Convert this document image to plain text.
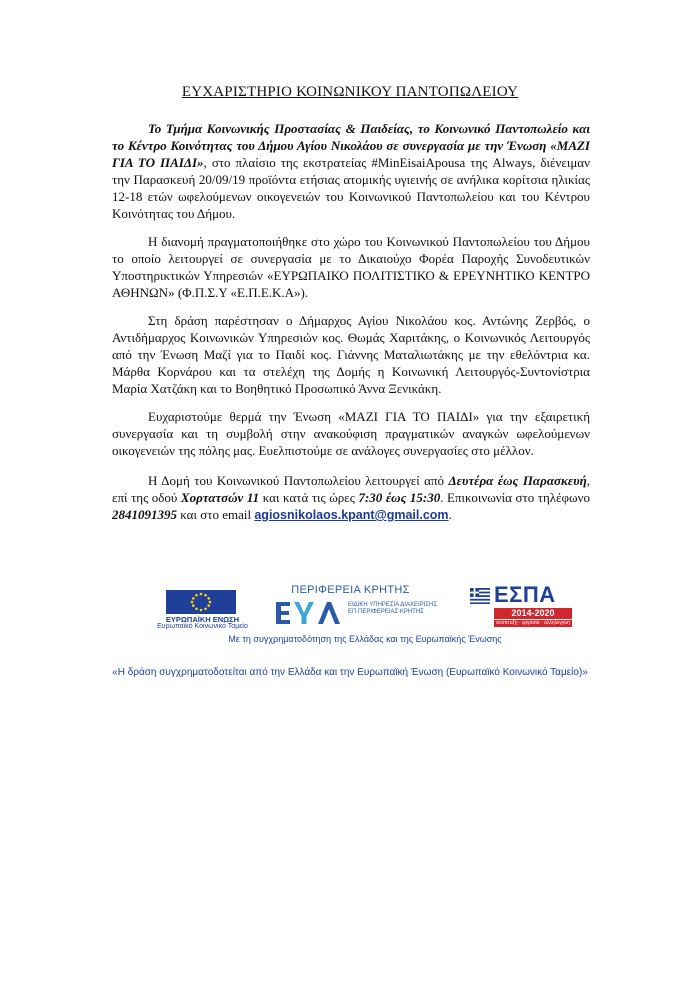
ΕΥΧΑΡΙΣΤΗΡΙΟ ΚΟΙΝΩΝΙΚΟΥ ΠΑΝΤΟΠΩΛΕΙΟΥ

Το Τμήμα Κοινωνικής Προστασίας & Παιδείας, το Κοινωνικό Παντοπωλείο και το Κέντρο Κοινότητας του Δήμου Αγίου Νικολάου σε συνεργασία με την Ένωση «ΜΑΖΙ ΓΙΑ ΤΟ ΠΑΙΔΙ», στο πλαίσιο της εκστρατείας #MinEisaiApousa της Always, διένειμαν την Παρασκευή 20/09/19 προϊόντα ετήσιας ατομικής υγιεινής σε ανήλικα κορίτσια ηλικίας 12-18 ετών ωφελούμενων οικογενειών του Κοινωνικού Παντοπωλείου και του Κέντρου Κοινότητας του Δήμου.

Η διανομή πραγματοποιήθηκε στο χώρο του Κοινωνικού Παντοπωλείου του Δήμου το οποίο λειτουργεί σε συνεργασία με το Δικαιούχο Φορέα Παροχής Συνοδευτικών Υποστηρικτικών Υπηρεσιών «ΕΥΡΩΠΑΙΚΟ ΠΟΛΙΤΙΣΤΙΚΟ & ΕΡΕΥΝΗΤΙΚΟ ΚΕΝΤΡΟ ΑΘΗΝΩΝ» (Φ.Π.Σ.Υ «Ε.Π.Ε.Κ.Α»).

Στη δράση παρέστησαν ο Δήμαρχος Αγίου Νικολάου κος. Αντώνης Ζερβός, ο Αντιδήμαρχος Κοινωνικών Υπηρεσιών κος. Θωμάς Χαριτάκης, ο Κοινωνικός Λειτουργός από την Ένωση Μαζί για το Παιδί κος. Γιάννης Ματαλιωτάκης με την εθελόντρια κα. Μάρθα Κορνάρου και τα στελέχη της Δομής η Κοινωνική Λειτουργός-Συντονίστρια Μαρία Χατζάκη και το Βοηθητικό Προσωπικό Άννα Ξενικάκη.

Ευχαριστούμε θερμά την Ένωση «ΜΑΖΙ ΓΙΑ ΤΟ ΠΑΙΔΙ» για την εξαιρετική συνεργασία και τη συμβολή στην ανακούφιση πραγματικών αναγκών ωφελούμενων οικογενειών της πόλης μας. Ευελπιστούμε σε ανάλογες συνεργασίες στο μέλλον.

Η Δομή του Κοινωνικού Παντοπωλείου λειτουργεί από Δευτέρα έως Παρασκευή, επί της οδού Χορτατσών 11 και κατά τις ώρες 7:30 έως 15:30. Επικοινωνία στο τηλέφωνο 2841091395 και στο email agiosnikolaos.kpant@gmail.com.

ΕΥΡΩΠΑΪΚΗ ΕΝΩΣΗ
Ευρωπαϊκό Κοινωνικό Ταμείο
ΠΕΡΙΦΕΡΕΙΑ ΚΡΗΤΗΣ
ΕΙΔΙΚΗ ΥΠΗΡΕΣΙΑ ΔΙΑΧΕΙΡΙΣΗΣ ΕΠ ΠΕΡΙΦΕΡΕΙΑΣ ΚΡΗΤΗΣ
ΕΣΠΑ
2014-2020
ανάπτυξη - εργασία - αλληλεγγύη
Με τη συγχρηματοδότηση της Ελλάδας και της Ευρωπαϊκής Ένωσης
«Η δράση συγχρηματοδοτείται από την Ελλάδα και την Ευρωπαϊκή Ένωση (Ευρωπαϊκό Κοινωνικό Ταμείο)»
